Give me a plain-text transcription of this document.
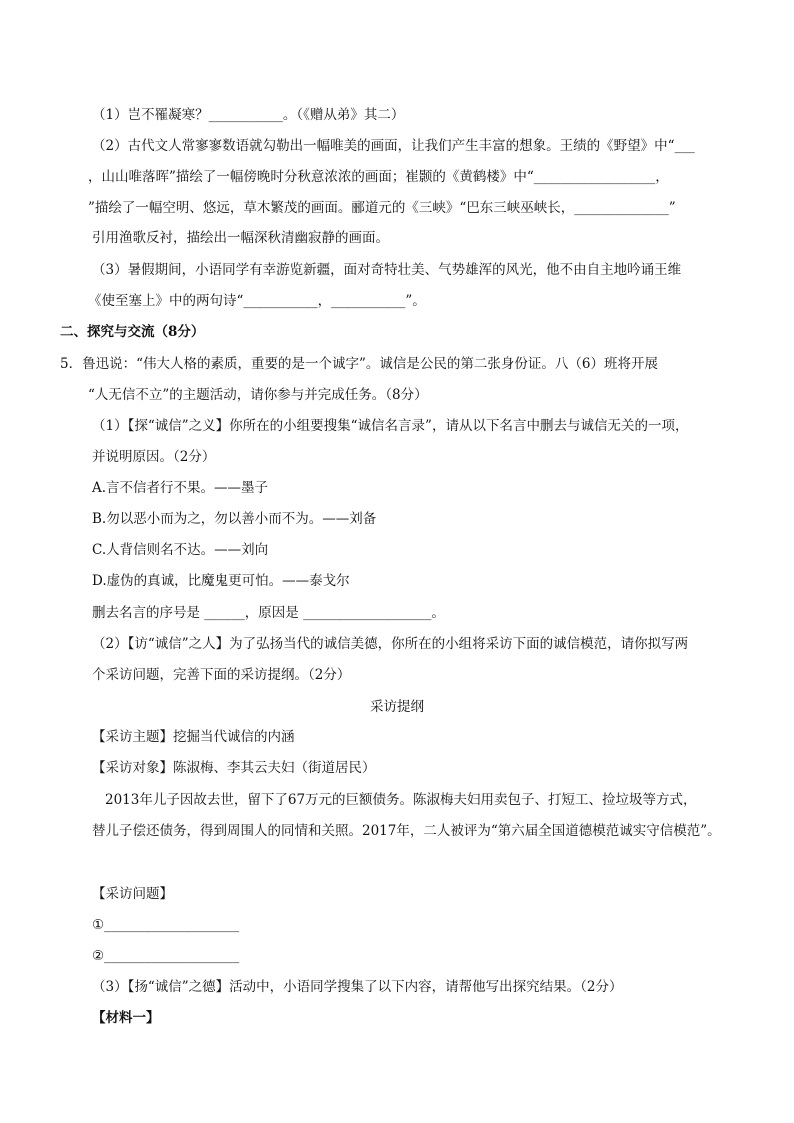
（1）岂不罹凝寒？___________。（《赠从弟》其二）
（2）古代文人常寥寥数语就勾勒出一幅唯美的画面，让我们产生丰富的想象。王绩的《野望》中“___
，山山唯落晖”描绘了一幅傍晚时分秋意浓浓的画面；崔颢的《黄鹤楼》中“__________________，
”描绘了一幅空明、悠远，草木繁茂的画面。郦道元的《三峡》“巴东三峡巫峡长，______________”
引用渔歌反衬，描绘出一幅深秋清幽寂静的画面。
（3）暑假期间，小语同学有幸游览新疆，面对奇特壮美、气势雄浑的风光，他不由自主地吟诵王维
《使至塞上》中的两句诗“___________，___________”。
二、探究与交流（8分）
5．鲁迅说：“伟大人格的素质，重要的是一个诚字”。诚信是公民的第二张身份证。八（6）班将开展
“人无信不立”的主题活动，请你参与并完成任务。（8分）
（1）【探“诚信”之义】你所在的小组要搜集“诚信名言录”，请从以下名言中删去与诚信无关的一项，
并说明原因。（2分）
A.言不信者行不果。——墨子
B.勿以恶小而为之，勿以善小而不为。——刘备
C.人背信则名不达。——刘向
D.虚伪的真诚，比魔鬼更可怕。——泰戈尔
删去名言的序号是 ______，原因是 ___________________。
（2）【访“诚信”之人】为了弘扬当代的诚信美德，你所在的小组将采访下面的诚信模范，请你拟写两
个采访问题，完善下面的采访提纲。（2分）
采访提纲
【采访主题】挖掘当代诚信的内涵
【采访对象】陈淑梅、李其云夫妇（街道居民）
2013年儿子因故去世，留下了67万元的巨额债务。陈淑梅夫妇用卖包子、打短工、捡垃圾等方式，
替儿子偿还债务，得到周围人的同情和关照。2017年，二人被评为“第六届全国道德模范诚实守信模范”。
【采访问题】
①____________________
②____________________
（3）【扬“诚信”之德】活动中，小语同学搜集了以下内容，请帮他写出探究结果。（2分）
【材料一】
